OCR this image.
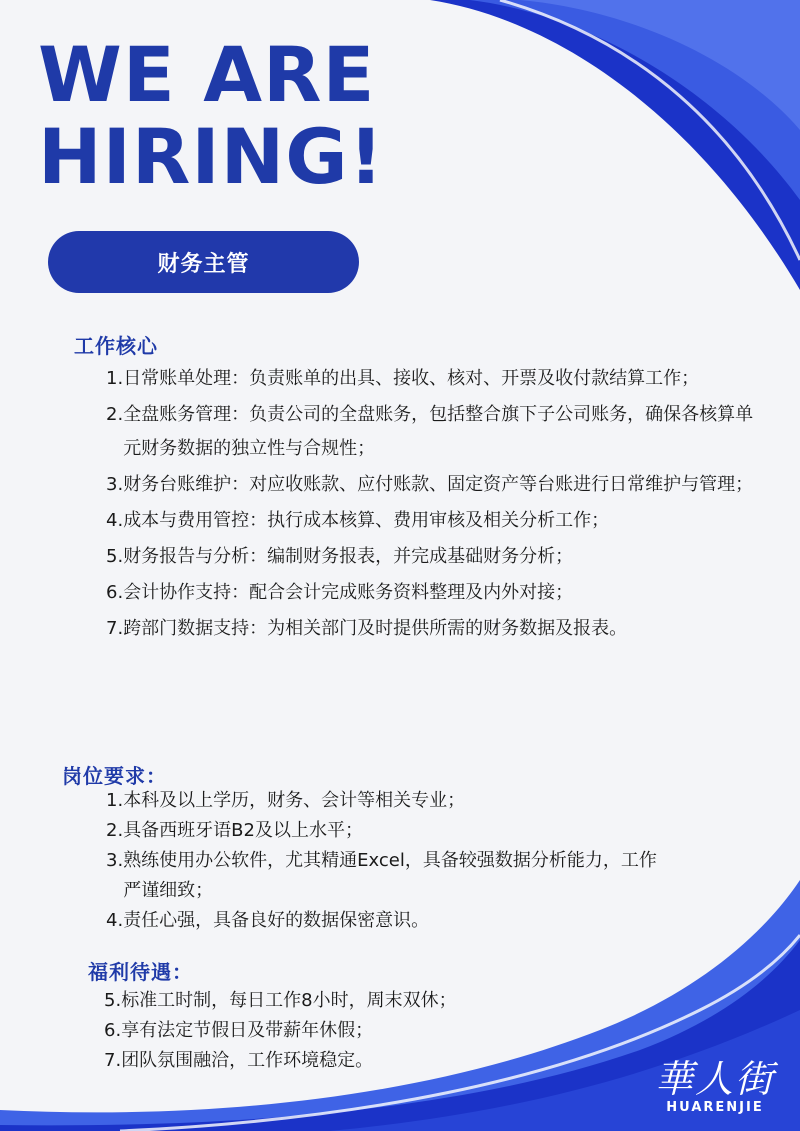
WE ARE
HIRING!
财务主管
工作核心
1. 日常账单处理：负责账单的出具、接收、核对、开票及收付款结算工作；
2. 全盘账务管理：负责公司的全盘账务，包括整合旗下子公司账务，确保各核算单元财务数据的独立性与合规性；
3. 财务台账维护：对应收账款、应付账款、固定资产等台账进行日常维护与管理；
4. 成本与费用管控：执行成本核算、费用审核及相关分析工作；
5. 财务报告与分析：编制财务报表，并完成基础财务分析；
6. 会计协作支持：配合会计完成账务资料整理及内外对接；
7. 跨部门数据支持：为相关部门及时提供所需的财务数据及报表。
岗位要求：
1. 本科及以上学历，财务、会计等相关专业；
2. 具备西班牙语B2及以上水平；
3. 熟练使用办公软件，尤其精通Excel，具备较强数据分析能力，工作严谨细致；
4. 责任心强，具备良好的数据保密意识。
福利待遇：
5. 标准工时制，每日工作8小时，周末双休；
6. 享有法定节假日及带薪年休假；
7. 团队氛围融洽，工作环境稳定。	華人街
HUARENJIE
